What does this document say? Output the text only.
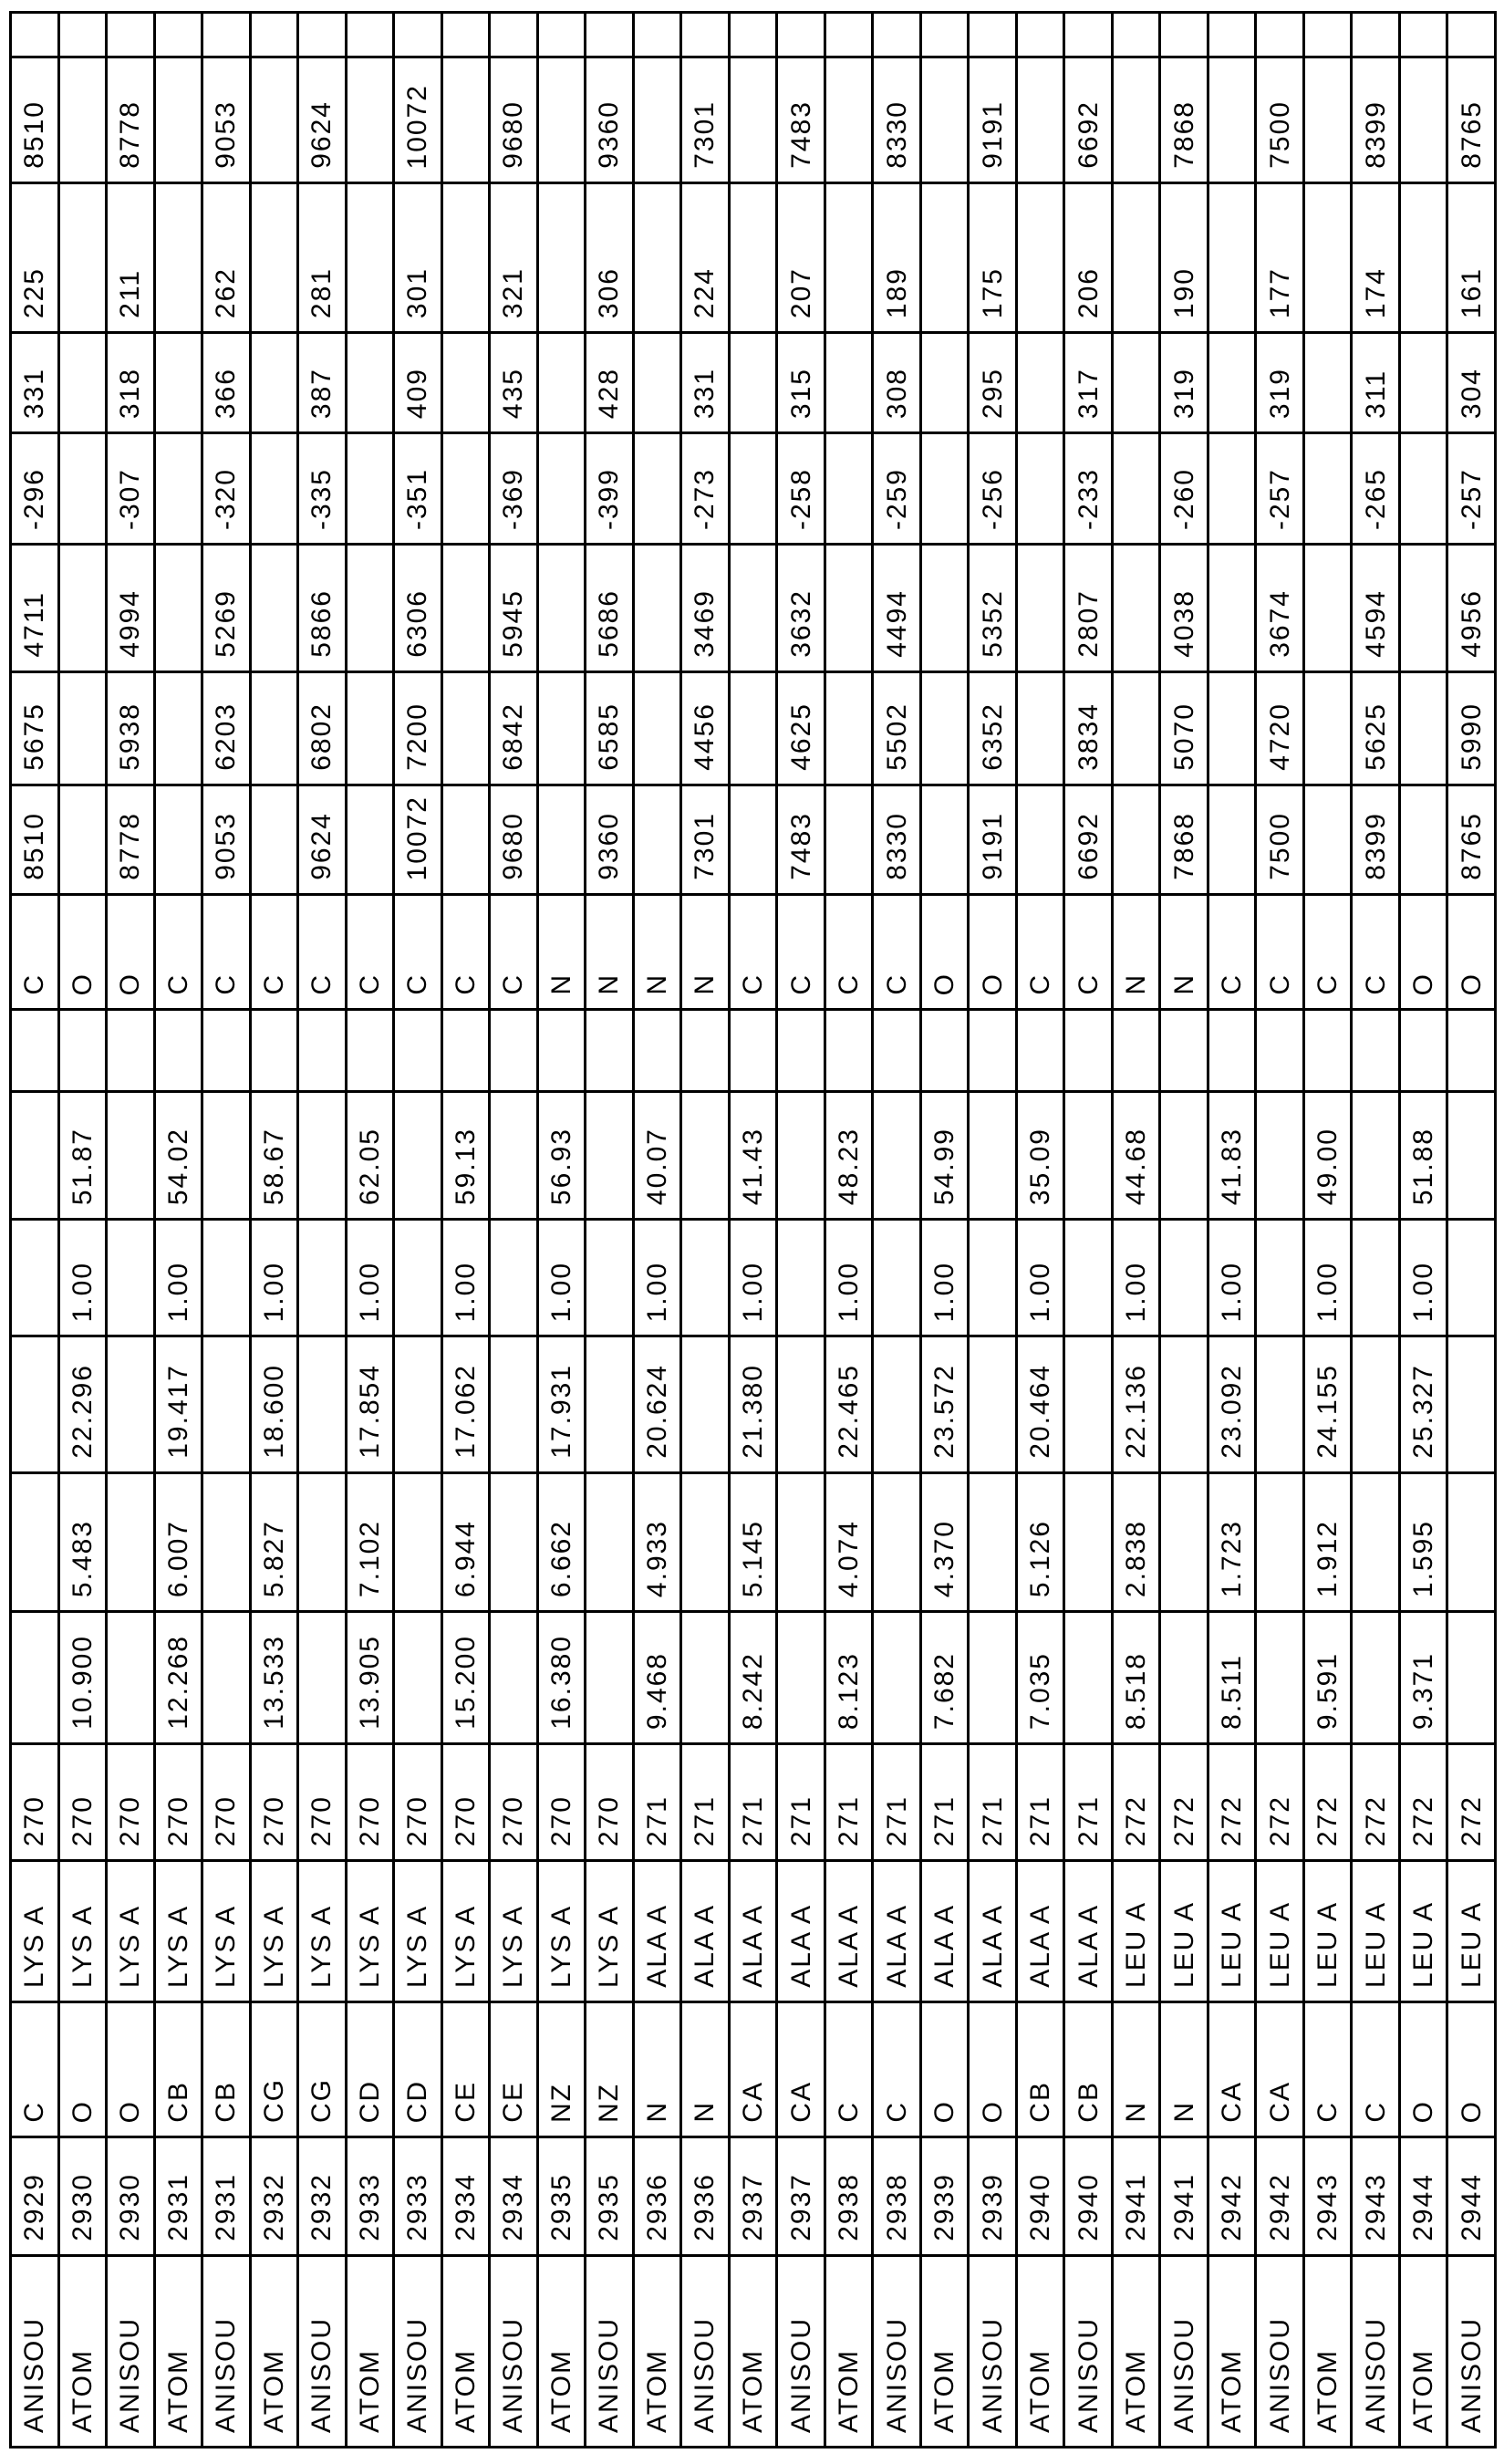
8510 8778 9053 9624 10072 9680 9360 7301 7483 8330 9191 6692 7868 7500 8399 8765
225 211 262 281 301 321 306 224 207 189 175 206 190 177 174 161
331 318 366 387 409 435 428 331 315 308 295 317 319 319 311 304
-296 -307 -320 -335 -351 -369 -399 -273 -258 -259 -256 -233 -260 -257 -265 -257
4711 4994 5269 5866 6306 5945 5686 3469 3632 4494 5352 2807 4038 3674 4594 4956
5675 5938 6203 6802 7200 6842 6585 4456 4625 5502 6352 3834 5070 4720 5625 5990
8510 8778 9053 9624 10072 9680 9360 7301 7483 8330 9191 6692 7868 7500 8399 8765
C O O C C C C C C C C N N N N C C C C O O C C N N C C C C O O
51.87 54.02 58.67 62.05 59.13 56.93 40.07 41.43 48.23 54.99 35.09 44.68 41.83 49.00 51.88
1.00 1.00 1.00 1.00 1.00 1.00 1.00 1.00 1.00 1.00 1.00 1.00 1.00 1.00 1.00
22.296 19.417 18.600 17.854 17.062 17.931 20.624 21.380 22.465 23.572 20.464 22.136 23.092 24.155 25.327
5.483 6.007 5.827 7.102 6.944 6.662 4.933 5.145 4.074 4.370 5.126 2.838 1.723 1.912 1.595
10.900 12.268 13.533 13.905 15.200 16.380 9.468 8.242 8.123 7.682 7.035 8.518 8.511 9.591 9.371
270 270 270 270 270 270 270 270 270 270 270 270 270 271 271 271 271 271 271 271 271 271 271 272 272 272 272 272 272 272 272
LYS A LYS A LYS A LYS A LYS A LYS A LYS A LYS A LYS A LYS A LYS A LYS A LYS A ALA A ALA A ALA A ALA A ALA A ALA A ALA A ALA A ALA A ALA A LEU A LEU A LEU A LEU A LEU A LEU A LEU A LEU A
C O O CB CB CG CG CD CD CE CE NZ NZ N N CA CA C C O O CB CB N N CA CA C C O O
2929 2930 2930 2931 2931 2932 2932 2933 2933 2934 2934 2935 2935 2936 2936 2937 2937 2938 2938 2939 2939 2940 2940 2941 2941 2942 2942 2943 2943 2944 2944
ANISOU ATOM ANISOU ATOM ANISOU ATOM ANISOU ATOM ANISOU ATOM ANISOU ATOM ANISOU ATOM ANISOU ATOM ANISOU ATOM ANISOU ATOM ANISOU ATOM ANISOU ATOM ANISOU ATOM ANISOU ATOM ANISOU ATOM ANISOU
